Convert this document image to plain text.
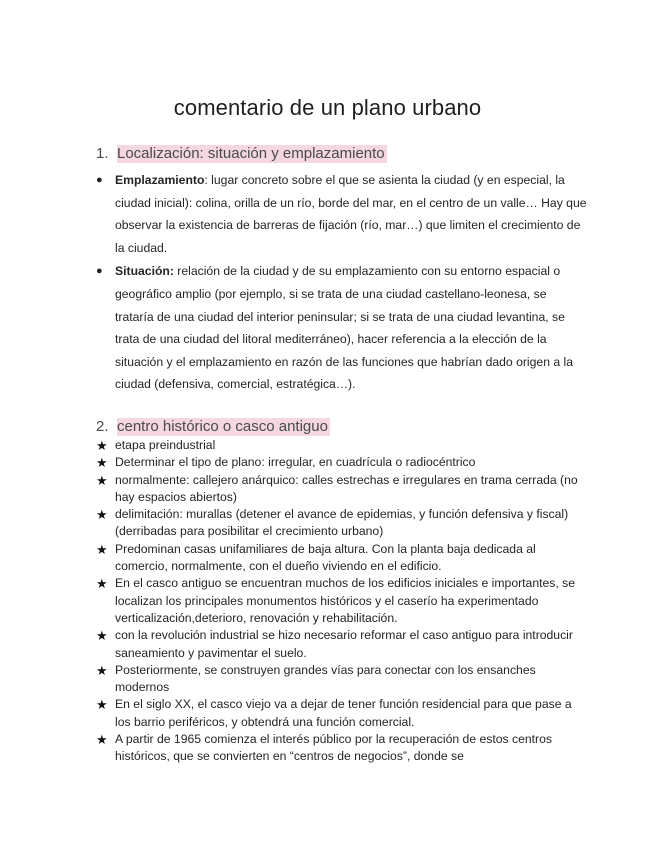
comentario de un plano urbano
1. Localización: situación y emplazamiento
● Emplazamiento: lugar concreto sobre el que se asienta la ciudad (y en especial, la ciudad inicial): colina, orilla de un río, borde del mar, en el centro de un valle… Hay que observar la existencia de barreras de fijación (río, mar…) que limiten el crecimiento de la ciudad.
● Situación: relación de la ciudad y de su emplazamiento con su entorno espacial o geográfico amplio (por ejemplo, si se trata de una ciudad castellano-leonesa, se trataría de una ciudad del interior peninsular; si se trata de una ciudad levantina, se trata de una ciudad del litoral mediterráneo), hacer referencia a la elección de la situación y el emplazamiento en razón de las funciones que habrían dado origen a la ciudad (defensiva, comercial, estratégica…).
2. centro histórico o casco antiguo
★ etapa preindustrial
★ Determinar el tipo de plano: irregular, en cuadrícula o radiocéntrico
★ normalmente: callejero anárquico: calles estrechas e irregulares en trama cerrada (no hay espacios abiertos)
★ delimitación: murallas (detener el avance de epidemias, y función defensiva y fiscal) (derribadas para posibilitar el crecimiento urbano)
★ Predominan casas unifamiliares de baja altura. Con la planta baja dedicada al comercio, normalmente, con el dueño viviendo en el edificio.
★ En el casco antiguo se encuentran muchos de los edificios iniciales e importantes, se localizan los principales monumentos históricos y el caserío ha experimentado verticalización,deterioro, renovación y rehabilitación.
★ con la revolución industrial se hizo necesario reformar el caso antiguo para introducir saneamiento y pavimentar el suelo.
★ Posteriormente, se construyen grandes vías para conectar con los ensanches modernos
★ En el siglo XX, el casco viejo va a dejar de tener función residencial para que pase a los barrio periféricos, y obtendrá una función comercial.
★ A partir de 1965 comienza el interés público por la recuperación de estos centros históricos, que se convierten en “centros de negocios”, donde se
